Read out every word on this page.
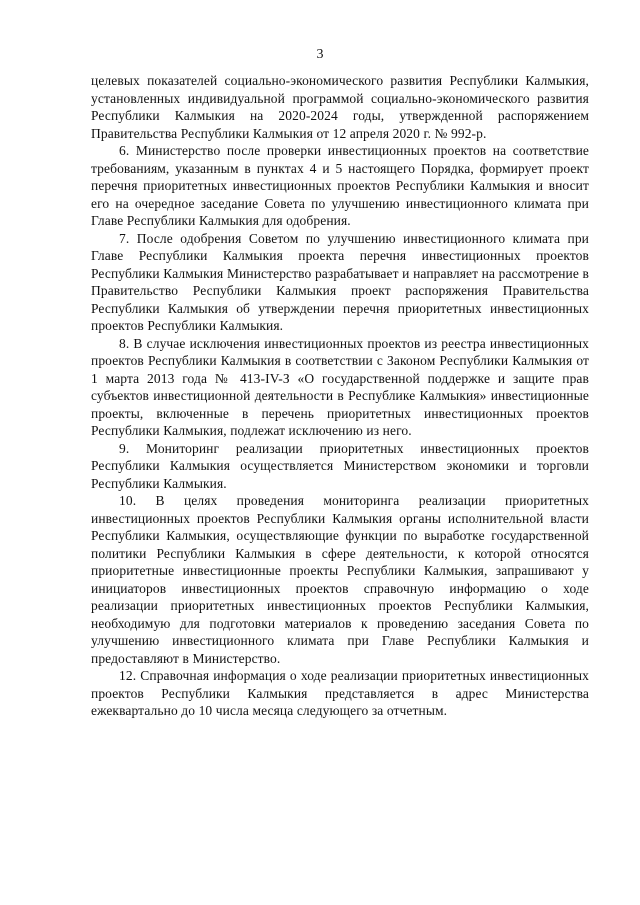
3

целевых показателей социально-экономического развития Республики Калмыкия, установленных индивидуальной программой социально-экономического развития Республики Калмыкия на 2020-2024 годы, утвержденной распоряжением Правительства Республики Калмыкия от 12 апреля 2020 г. № 992-р.

6. Министерство после проверки инвестиционных проектов на соответствие требованиям, указанным в пунктах 4 и 5 настоящего Порядка, формирует проект перечня приоритетных инвестиционных проектов Республики Калмыкия и вносит его на очередное заседание Совета по улучшению инвестиционного климата при Главе Республики Калмыкия для одобрения.

7. После одобрения Советом по улучшению инвестиционного климата при Главе Республики Калмыкия проекта перечня инвестиционных проектов Республики Калмыкия Министерство разрабатывает и направляет на рассмотрение в Правительство Республики Калмыкия проект распоряжения Правительства Республики Калмыкия об утверждении перечня приоритетных инвестиционных проектов Республики Калмыкия.

8. В случае исключения инвестиционных проектов из реестра инвестиционных проектов Республики Калмыкия в соответствии с Законом Республики Калмыкия от 1 марта 2013 года № 413-IV-З «О государственной поддержке и защите прав субъектов инвестиционной деятельности в Республике Калмыкия» инвестиционные проекты, включенные в перечень приоритетных инвестиционных проектов Республики Калмыкия, подлежат исключению из него.

9. Мониторинг реализации приоритетных инвестиционных проектов Республики Калмыкия осуществляется Министерством экономики и торговли Республики Калмыкия.

10. В целях проведения мониторинга реализации приоритетных инвестиционных проектов Республики Калмыкия органы исполнительной власти Республики Калмыкия, осуществляющие функции по выработке государственной политики Республики Калмыкия в сфере деятельности, к которой относятся приоритетные инвестиционные проекты Республики Калмыкия, запрашивают у инициаторов инвестиционных проектов справочную информацию о ходе реализации приоритетных инвестиционных проектов Республики Калмыкия, необходимую для подготовки материалов к проведению заседания Совета по улучшению инвестиционного климата при Главе Республики Калмыкия и предоставляют в Министерство.

12. Справочная информация о ходе реализации приоритетных инвестиционных проектов Республики Калмыкия представляется в адрес Министерства ежеквартально до 10 числа месяца следующего за отчетным.
